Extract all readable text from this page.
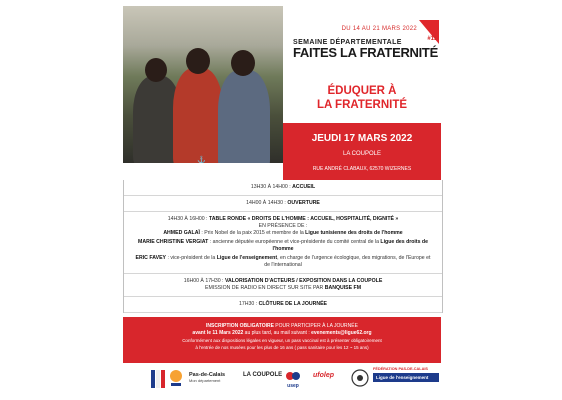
⚓
DU 14 AU 21 MARS 2022
#11
SEMAINE DÉPARTEMENTALE
FAITES LA FRATERNITÉ
ÉDUQUER À
LA FRATERNITÉ
JEUDI 17 MARS 2022
LA COUPOLE
RUE ANDRÉ CLABAUX, 62570 WIZERNES
13H30 À 14H00 : ACCUEIL
14H00 À 14H30 : OUVERTURE
14H30 À 16H00 : TABLE RONDE « DROITS DE L'HOMME : ACCUEIL, HOSPITALITÉ, DIGNITÉ »
EN PRÉSENCE DE :
AHMED GALAÏ : Prix Nobel de la paix 2015 et membre de la Ligue tunisienne des droits de l'homme
MARIE CHRISTINE VERGIAT : ancienne députée européenne et vice-présidente du comité central de la Ligue des droits de l'homme
ERIC FAVEY : vice-président de la Ligue de l'enseignement, en charge de l'urgence écologique, des migrations, de l'Europe et de l'international
16H00 À 17H30 : VALORISATION D'ACTEURS / EXPOSITION DANS LA COUPOLE
EMISSION DE RADIO EN DIRECT SUR SITE PAR BANQUISE FM
17H30 : CLÔTURE DE LA JOURNÉE
INSCRIPTION OBLIGATOIRE POUR PARTICIPER À LA JOURNÉE
avant le 11 Mars 2022 au plus tard, au mail suivant : evenements@ligue62.org
Conformément aux dispositions légales en vigueur, un pass vaccinal est à présenter obligatoirement
à l'entrée de nos musées pour les plus de 16 ans ( pass sanitaire pour les 12 ~ 15 ans)
Pas-de-Calais
Mon département
LA COUPOLE
usep
ufolep
FÉDÉRATION PAS-DE-CALAIS
Ligue de l'enseignement
